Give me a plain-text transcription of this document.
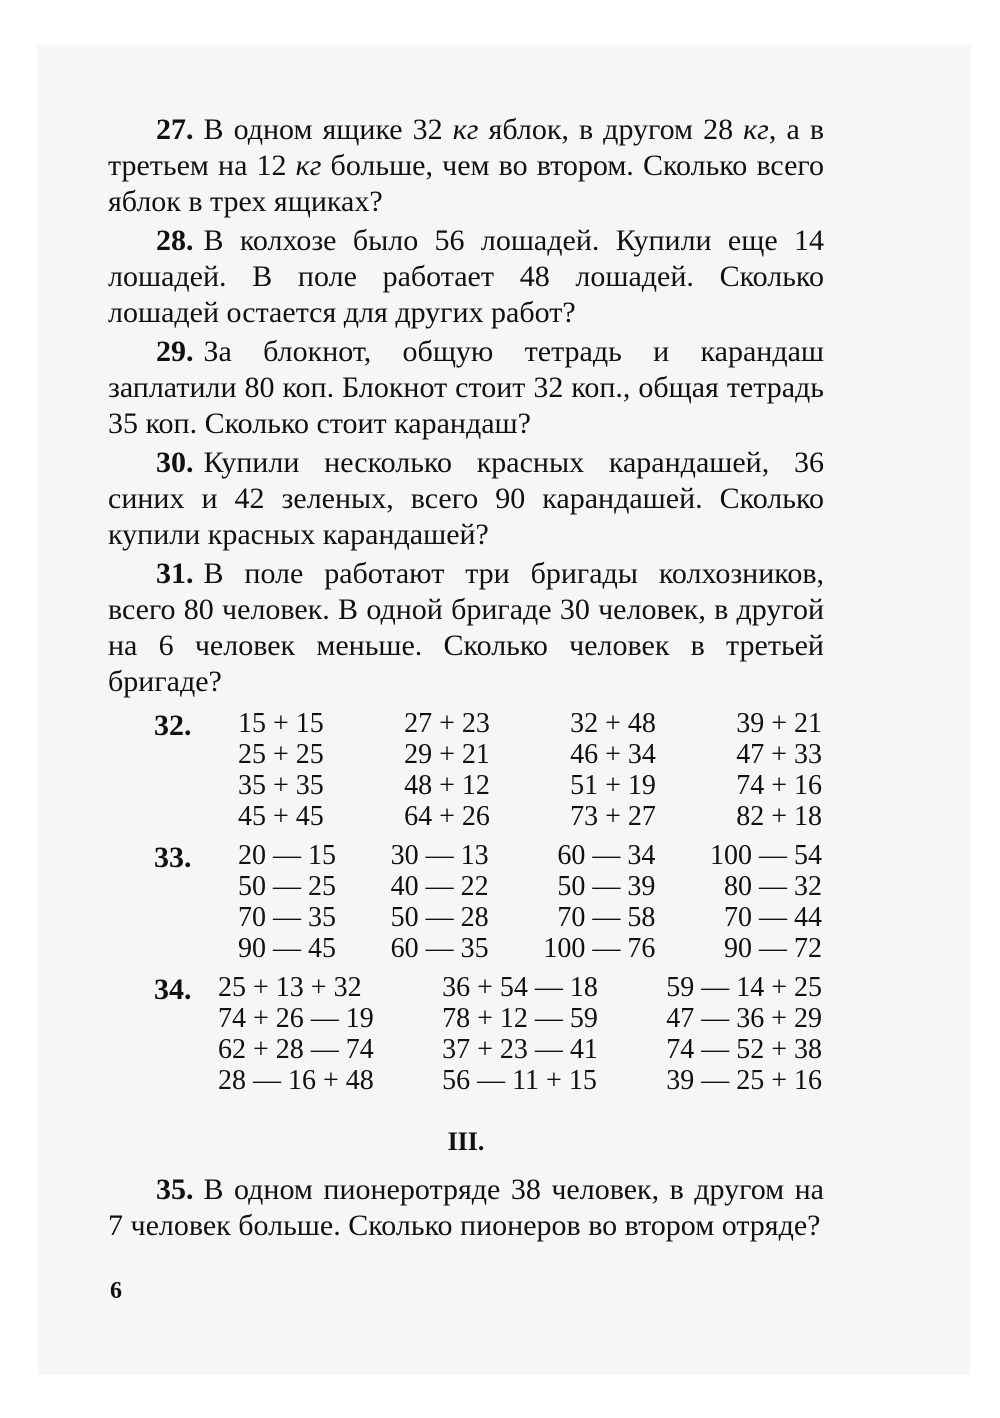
27. В одном ящике 32 кг яблок, в другом 28 кг, а в третьем на 12 кг больше, чем во втором. Сколько всего яблок в трех ящиках?

28. В колхозе было 56 лошадей. Купили еще 14 лошадей. В поле работает 48 лошадей. Сколько лошадей остается для других работ?

29. За блокнот, общую тетрадь и карандаш заплатили 80 коп. Блокнот стоит 32 коп., общая тетрадь 35 коп. Сколько стоит карандаш?

30. Купили несколько красных карандашей, 36 синих и 42 зеленых, всего 90 карандашей. Сколько купили красных карандашей?

31. В поле работают три бригады колхозников, всего 80 человек. В одной бригаде 30 человек, в другой на 6 человек меньше. Сколько человек в третьей бригаде?

32.	15 + 15
25 + 25
35 + 35
45 + 45
27 + 23
29 + 21
48 + 12
64 + 26
32 + 48
46 + 34
51 + 19
73 + 27
39 + 21
47 + 33
74 + 16
82 + 18
33.	20 — 15
50 — 25
70 — 35
90 — 45
30 — 13
40 — 22
50 — 28
60 — 35
60 — 34
50 — 39
70 — 58
100 — 76
100 — 54
80 — 32
70 — 44
90 — 72
34. 25 + 13 + 32
74 + 26 — 19
62 + 28 — 74
28 — 16 + 48
36 + 54 — 18
78 + 12 — 59
37 + 23 — 41
56 — 11 + 15
59 — 14 + 25
47 — 36 + 29
74 — 52 + 38
39 — 25 + 16
III.

35. В одном пионеротряде 38 человек, в другом на 7 человек больше. Сколько пионеров во втором отряде?

6
